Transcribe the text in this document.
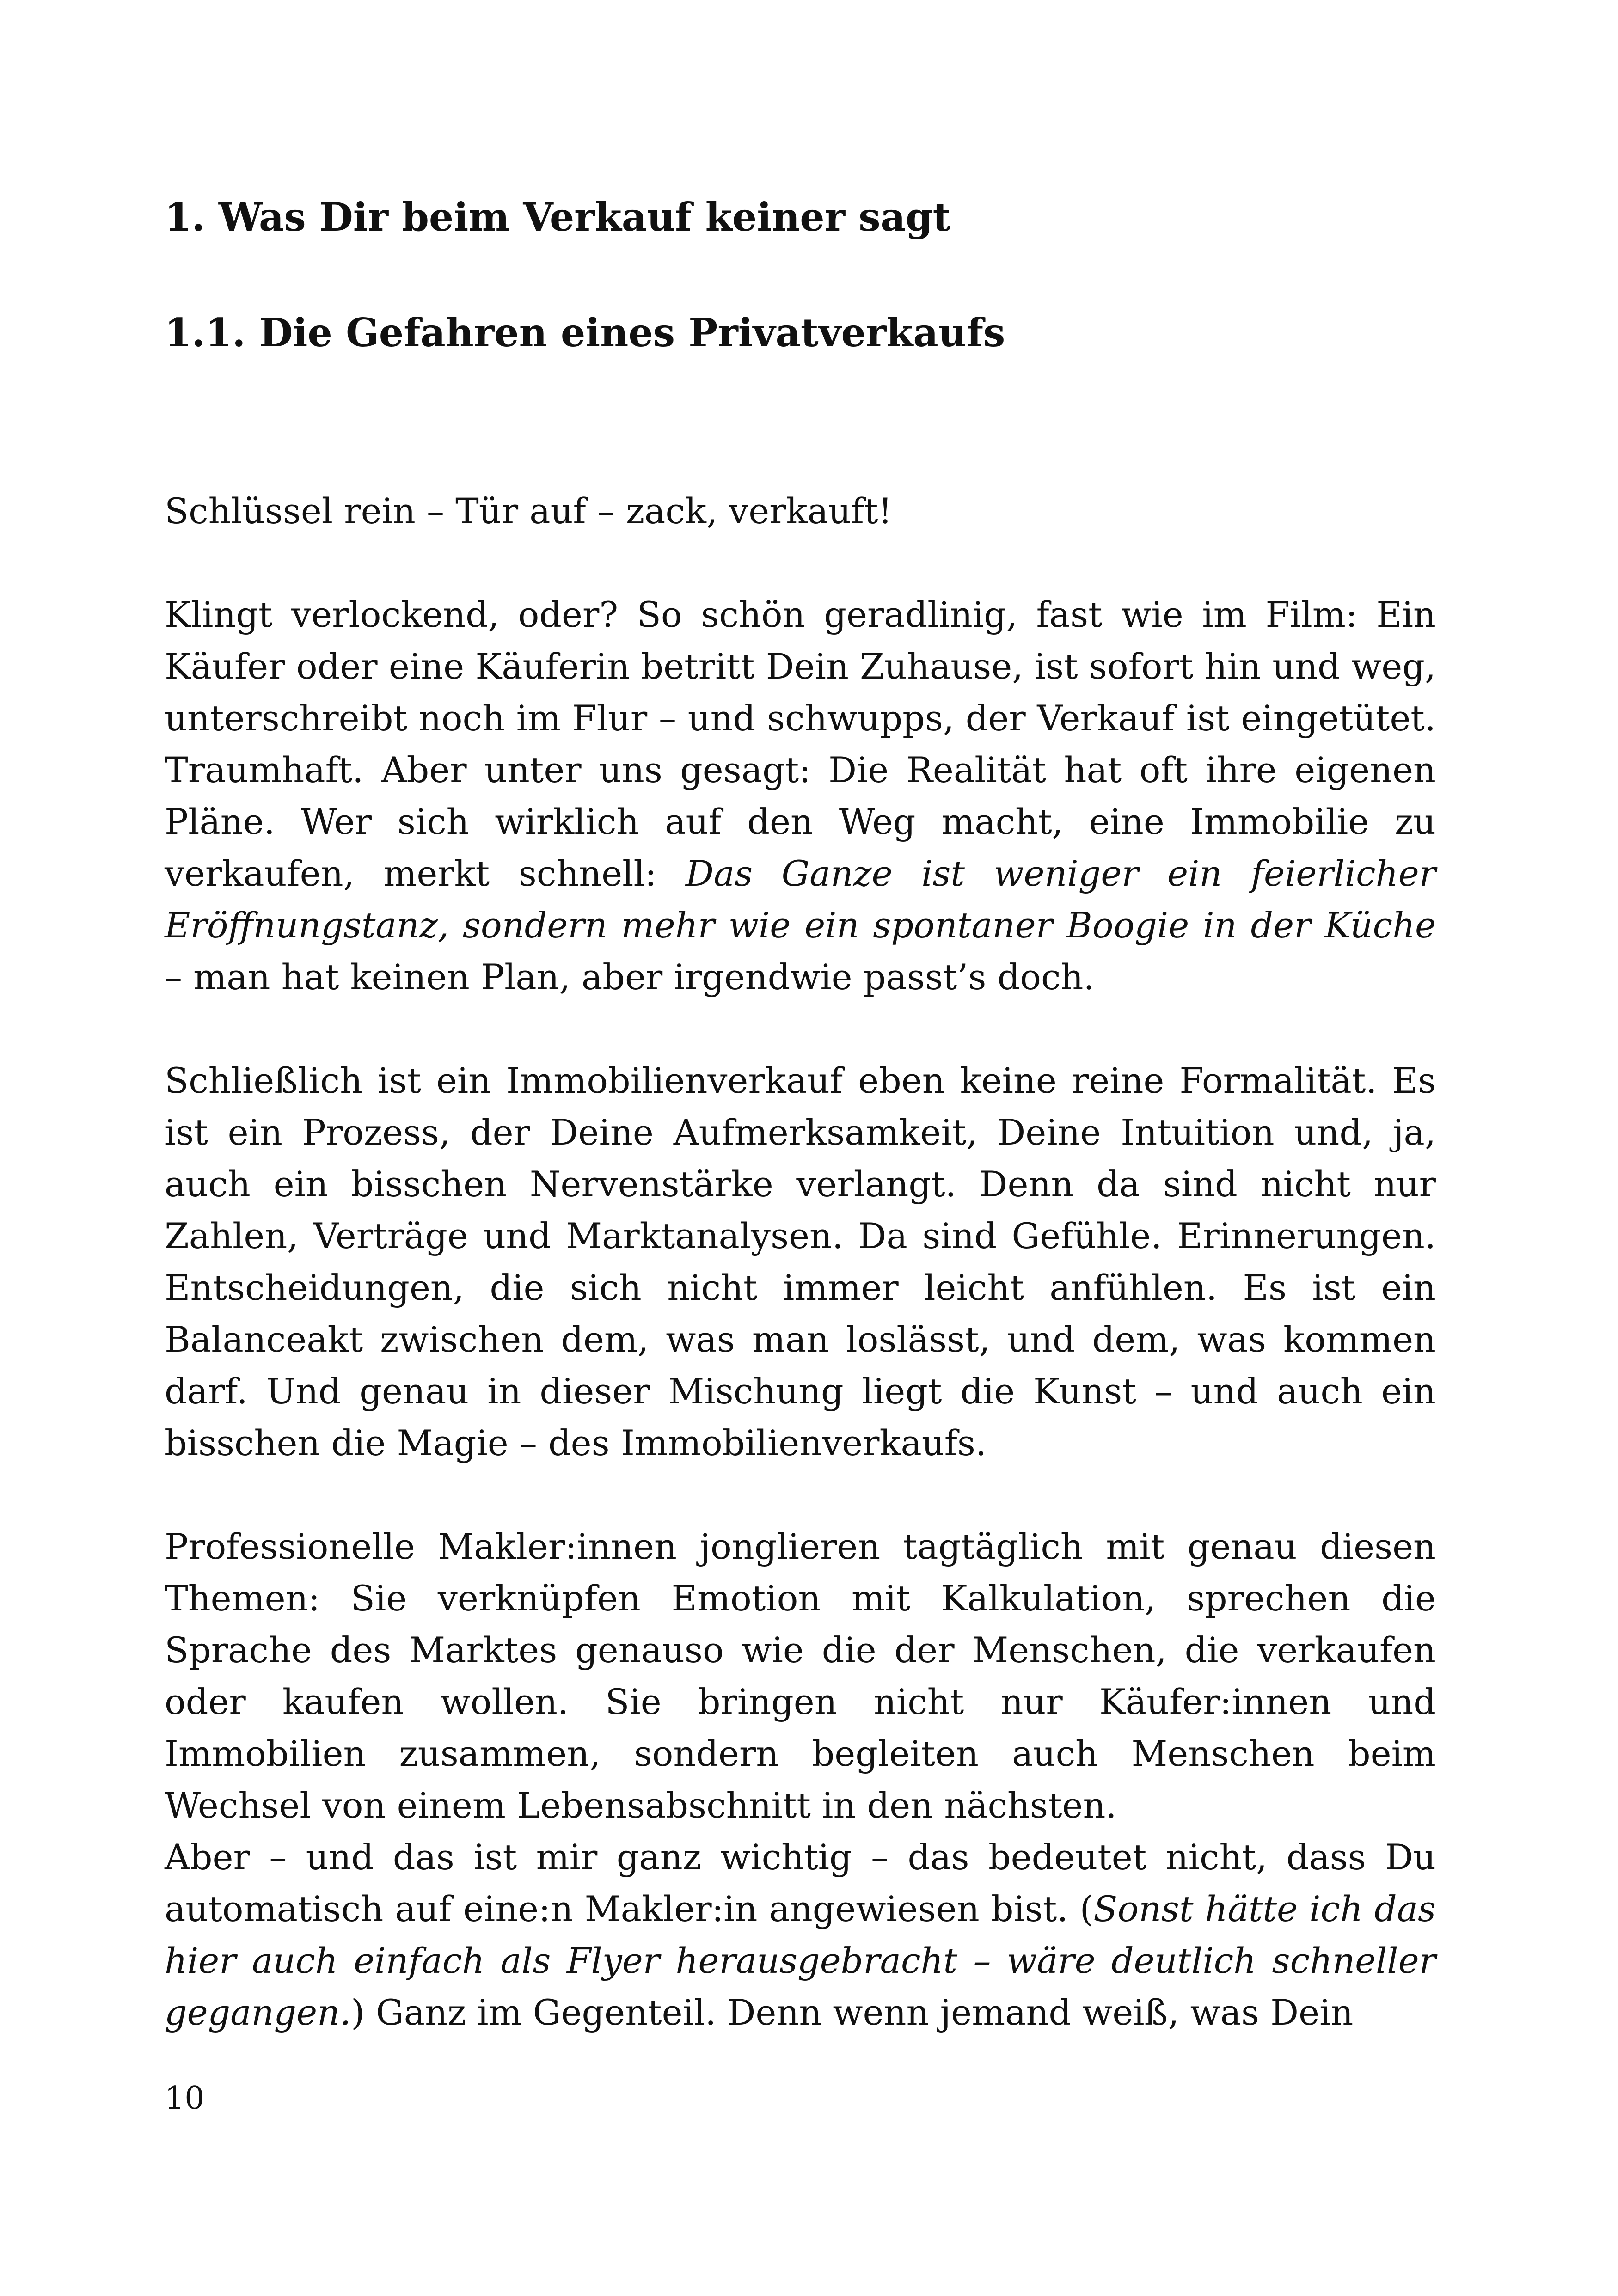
1. Was Dir beim Verkauf keiner sagt
1.1. Die Gefahren eines Privatverkaufs

Schlüssel rein – Tür auf – zack, verkauft!

Klingt verlockend, oder? So schön geradlinig, fast wie im Film: Ein Käufer oder eine Käuferin betritt Dein Zuhause, ist sofort hin und weg, unterschreibt noch im Flur – und schwupps, der Verkauf ist eingetütet. Traumhaft. Aber unter uns gesagt: Die Realität hat oft ihre eigenen Pläne. Wer sich wirklich auf den Weg macht, eine Immobilie zu verkaufen, merkt schnell: Das Ganze ist weniger ein feierlicher Eröffnungstanz, sondern mehr wie ein spontaner Boogie in der Küche – man hat keinen Plan, aber irgendwie passt’s doch.

Schließlich ist ein Immobilienverkauf eben keine reine Formalität. Es ist ein Prozess, der Deine Aufmerksamkeit, Deine Intuition und, ja, auch ein bisschen Nervenstärke verlangt. Denn da sind nicht nur Zahlen, Verträge und Marktanalysen. Da sind Gefühle. Erinnerungen. Entscheidungen, die sich nicht immer leicht anfühlen. Es ist ein Balanceakt zwischen dem, was man loslässt, und dem, was kommen darf. Und genau in dieser Mischung liegt die Kunst – und auch ein bisschen die Magie – des Immobilienverkaufs.

Professionelle Makler:innen jonglieren tagtäglich mit genau diesen Themen: Sie verknüpfen Emotion mit Kalkulation, sprechen die Sprache des Marktes genauso wie die der Menschen, die verkaufen oder kaufen wollen. Sie bringen nicht nur Käufer:innen und Immobilien zusammen, sondern begleiten auch Menschen beim Wechsel von einem Lebensabschnitt in den nächsten.

Aber – und das ist mir ganz wichtig – das bedeutet nicht, dass Du automatisch auf eine:n Makler:in angewiesen bist. (Sonst hätte ich das hier auch einfach als Flyer herausgebracht – wäre deutlich schneller gegangen.) Ganz im Gegenteil. Denn wenn jemand weiß, was Dein

10
